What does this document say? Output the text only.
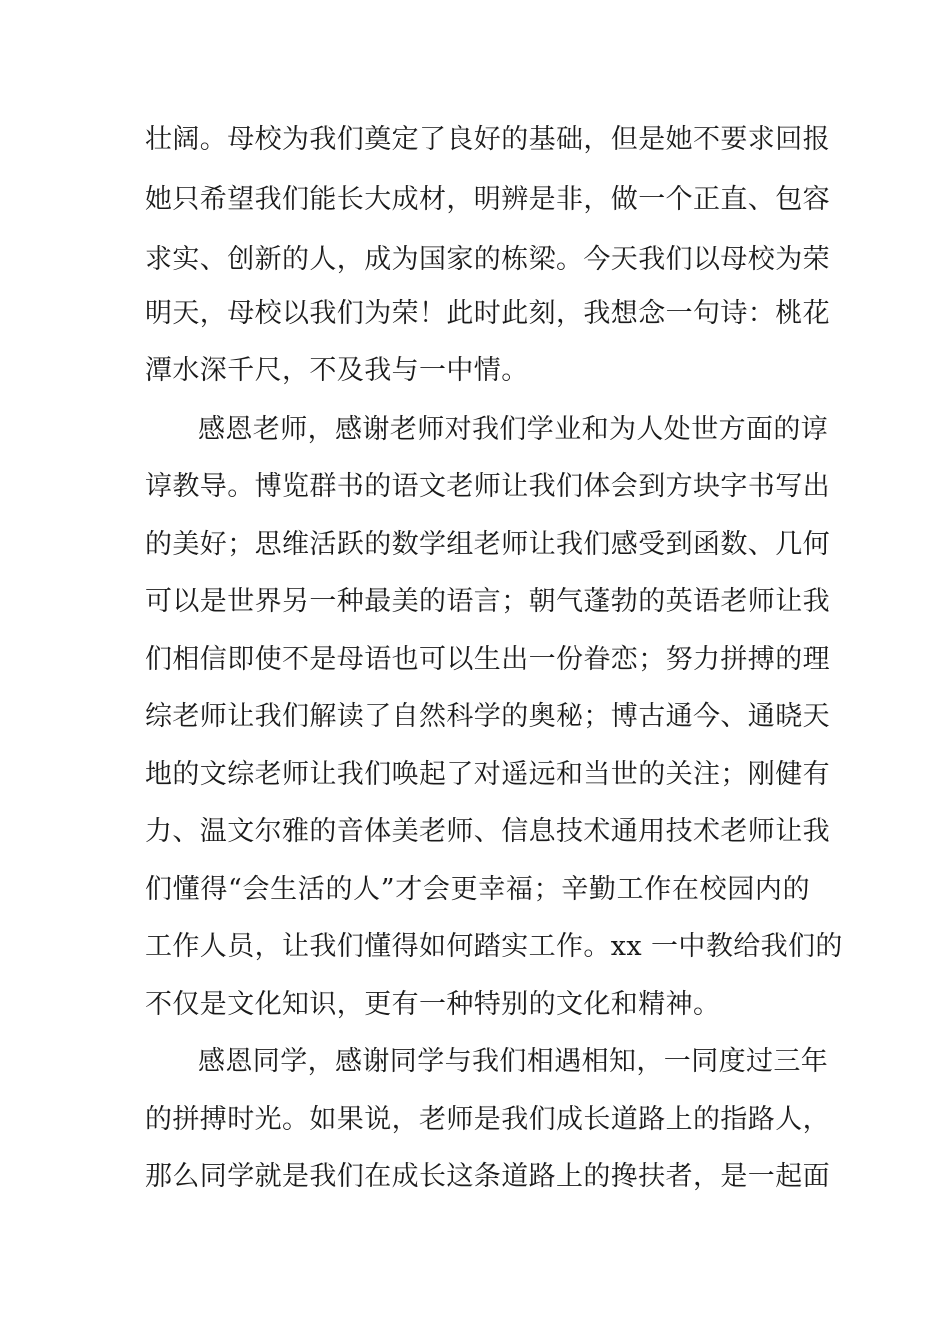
壮阔。母校为我们奠定了良好的基础，但是她不要求回报
她只希望我们能长大成材，明辨是非，做一个正直、包容
求实、创新的人，成为国家的栋梁。今天我们以母校为荣
明天，母校以我们为荣！此时此刻，我想念一句诗：桃花
潭水深千尺，不及我与一中情。
感恩老师，感谢老师对我们学业和为人处世方面的谆
谆教导。博览群书的语文老师让我们体会到方块字书写出
的美好；思维活跃的数学组老师让我们感受到函数、几何
可以是世界另一种最美的语言；朝气蓬勃的英语老师让我
们相信即使不是母语也可以生出一份眷恋；努力拼搏的理
综老师让我们解读了自然科学的奥秘；博古通今、通晓天
地的文综老师让我们唤起了对遥远和当世的关注；刚健有
力、温文尔雅的音体美老师、信息技术通用技术老师让我
们懂得“会生活的人”才会更幸福；辛勤工作在校园内的
工作人员，让我们懂得如何踏实工作。xx 一中教给我们的
不仅是文化知识，更有一种特别的文化和精神。
感恩同学，感谢同学与我们相遇相知，一同度过三年
的拼搏时光。如果说，老师是我们成长道路上的指路人，
那么同学就是我们在成长这条道路上的搀扶者，是一起面
